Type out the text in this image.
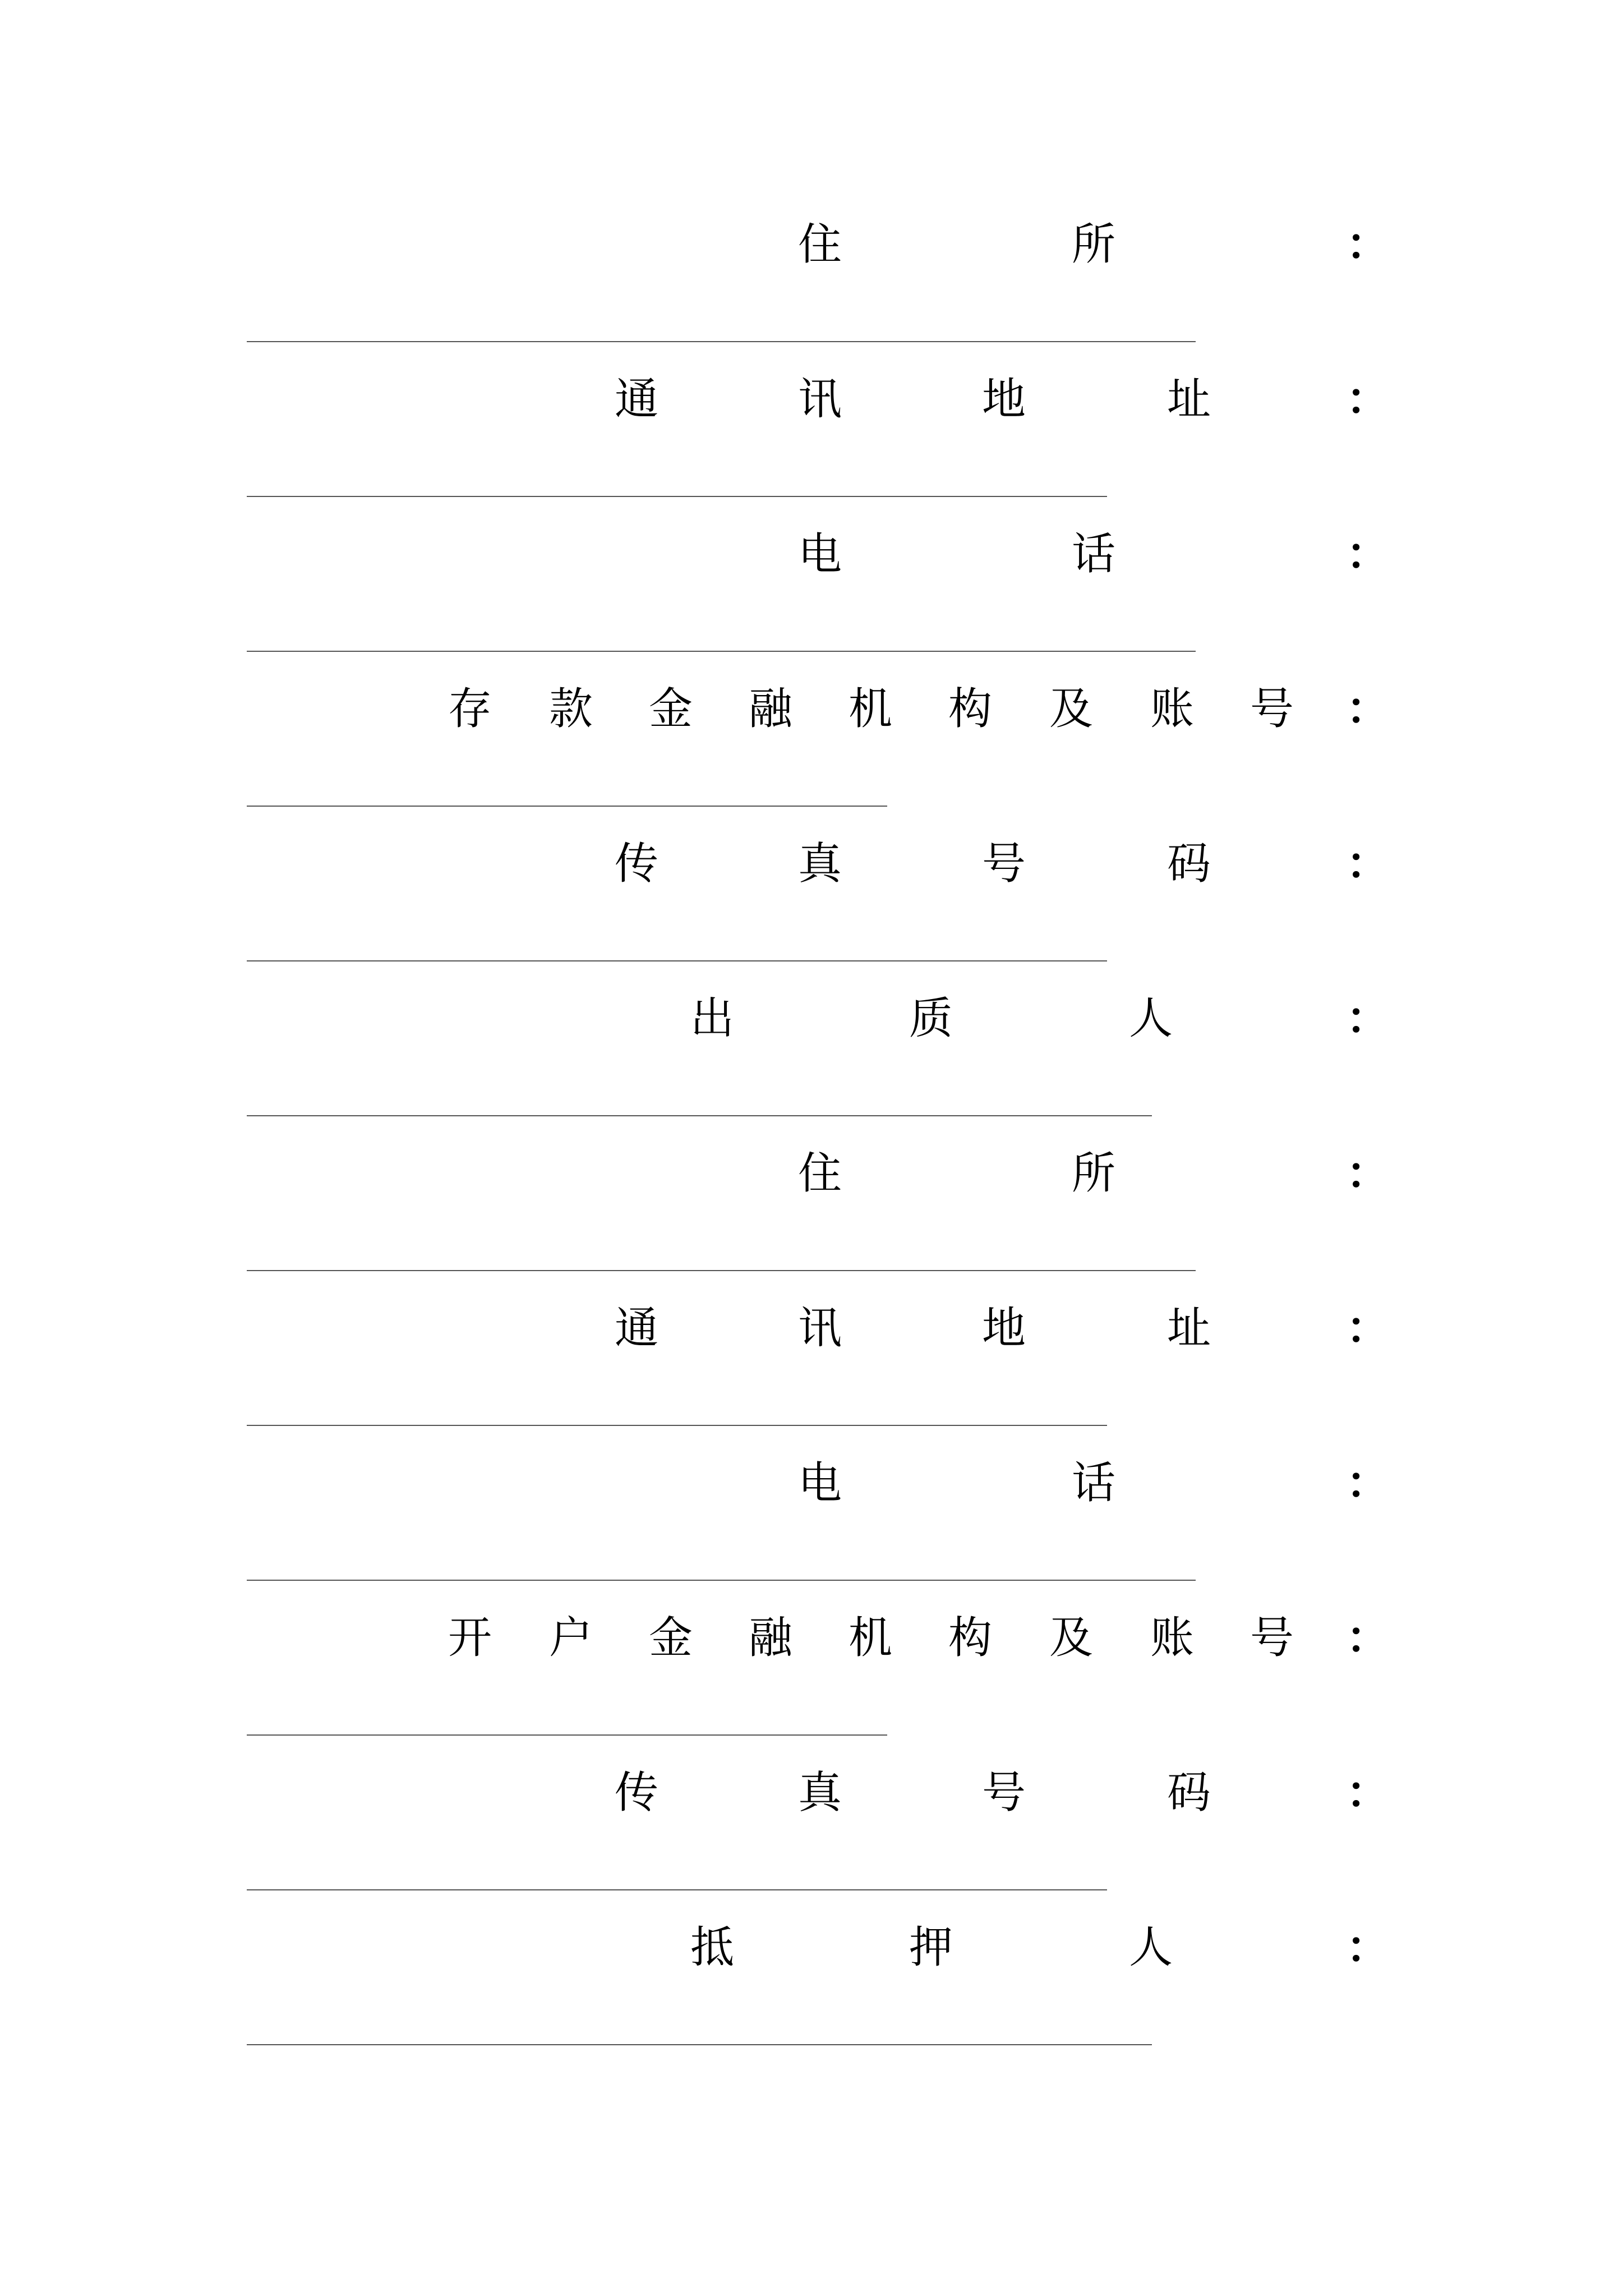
住	所	：
通	讯	地	址	：
电	话	：
存 款 金 融 机 构 及 账 号 ：
传	真	号	码	：
出	质	人	：
住	所	：
通	讯	地	址	：
电	话	：
开 户 金 融 机 构 及 账 号 ：
传	真	号	码	：
抵	押	人	：
